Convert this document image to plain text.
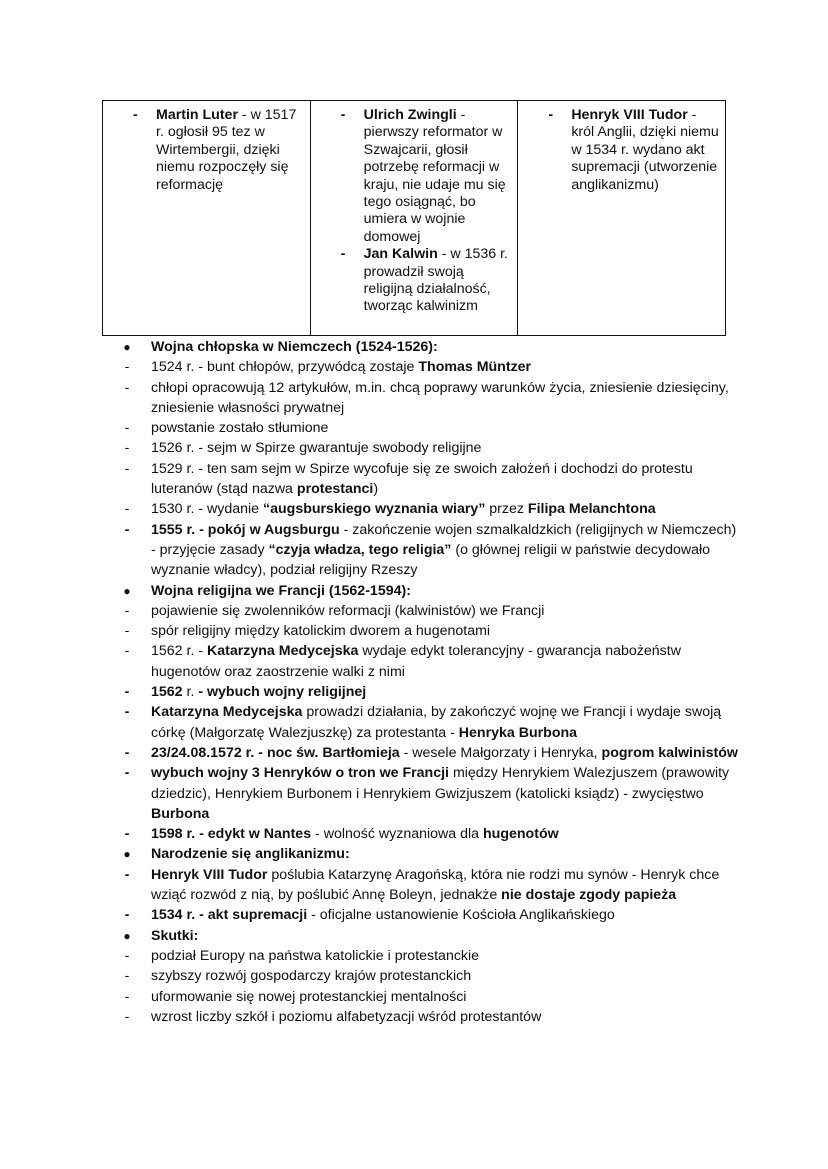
- Martin Luter - w 1517 r. ogłosił 95 tez w Wirtembergii, dzięki niemu rozpoczęły się reformację

- Ulrich Zwingli - pierwszy reformator w Szwajcarii, głosił potrzebę reformacji w kraju, nie udaje mu się tego osiągnąć, bo umiera w wojnie domowej
- Jan Kalwin - w 1536 r. prowadził swoją religijną działalność, tworząc kalwinizm

- Henryk VIII Tudor - król Anglii, dzięki niemu w 1534 r. wydano akt supremacji (utworzenie anglikanizmu)
● Wojna chłopska w Niemczech (1524-1526):
-	1524 r. - bunt chłopów, przywódcą zostaje Thomas Müntzer
-	chłopi opracowują 12 artykułów, m.in. chcą poprawy warunków życia, zniesienie dziesięciny, zniesienie własności prywatnej
-	powstanie zostało stłumione
-	1526 r. - sejm w Spirze gwarantuje swobody religijne
-	1529 r. - ten sam sejm w Spirze wycofuje się ze swoich założeń i dochodzi do protestu luteranów (stąd nazwa protestanci)
-	1530 r. - wydanie “augsburskiego wyznania wiary” przez Filipa Melanchtona
-	1555 r. - pokój w Augsburgu - zakończenie wojen szmalkaldzkich (religijnych w Niemczech) - przyjęcie zasady “czyja władza, tego religia” (o głównej religii w państwie decydowało wyznanie władcy), podział religijny Rzeszy
● Wojna religijna we Francji (1562-1594):
-	pojawienie się zwolenników reformacji (kalwinistów) we Francji
-	spór religijny między katolickim dworem a hugenotami
-	1562 r. - Katarzyna Medycejska wydaje edykt tolerancyjny - gwarancja nabożeństw hugenotów oraz zaostrzenie walki z nimi
-	1562 r. - wybuch wojny religijnej
-	Katarzyna Medycejska prowadzi działania, by zakończyć wojnę we Francji i wydaje swoją córkę (Małgorzatę Walezjuszkę) za protestanta - Henryka Burbona
-	23/24.08.1572 r. - noc św. Bartłomieja - wesele Małgorzaty i Henryka, pogrom kalwinistów
-	wybuch wojny 3 Henryków o tron we Francji między Henrykiem Walezjuszem (prawowity dziedzic), Henrykiem Burbonem i Henrykiem Gwizjuszem (katolicki ksiądz) - zwycięstwo Burbona
-	1598 r. - edykt w Nantes - wolność wyznaniowa dla hugenotów
● Narodzenie się anglikanizmu:
-	Henryk VIII Tudor poślubia Katarzynę Aragońską, która nie rodzi mu synów - Henryk chce wziąć rozwód z nią, by poślubić Annę Boleyn, jednakże nie dostaje zgody papieża
-	1534 r. - akt supremacji - oficjalne ustanowienie Kościoła Anglikańskiego
● Skutki:
-	podział Europy na państwa katolickie i protestanckie
-	szybszy rozwój gospodarczy krajów protestanckich
-	uformowanie się nowej protestanckiej mentalności
-	wzrost liczby szkół i poziomu alfabetyzacji wśród protestantów
